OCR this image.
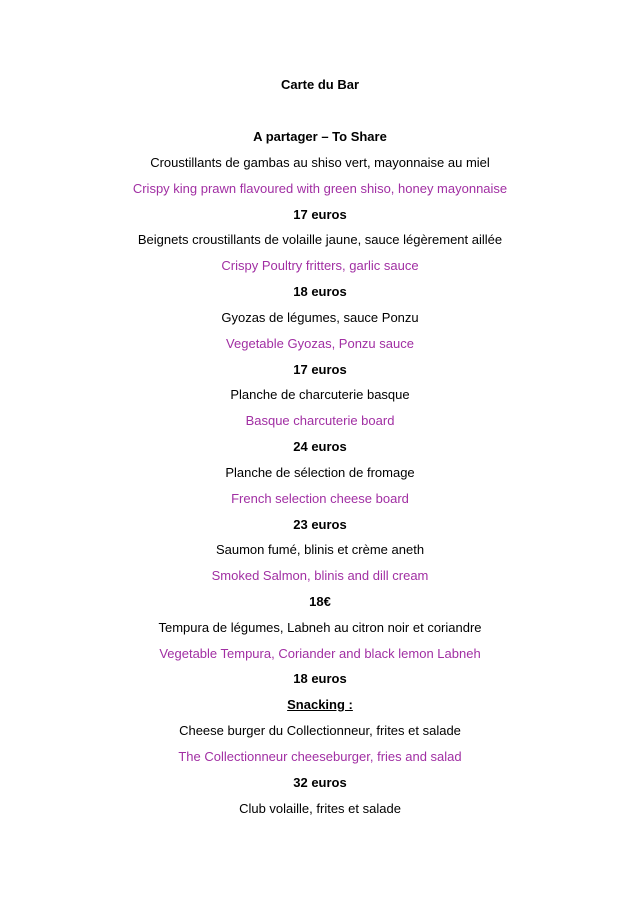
Carte du Bar
A partager – To Share
Croustillants de gambas au shiso vert, mayonnaise au miel
Crispy king prawn flavoured with green shiso, honey mayonnaise
17 euros
Beignets croustillants de volaille jaune, sauce légèrement aillée
Crispy Poultry fritters, garlic sauce
18 euros
Gyozas de légumes, sauce Ponzu
Vegetable Gyozas, Ponzu sauce
17 euros
Planche de charcuterie basque
Basque charcuterie board
24 euros
Planche de sélection de fromage
French selection cheese board
23 euros
Saumon fumé, blinis et crème aneth
Smoked Salmon, blinis and dill cream
18€
Tempura de légumes, Labneh au citron noir et coriandre
Vegetable Tempura, Coriander and black lemon Labneh
18 euros
Snacking :
Cheese burger du Collectionneur, frites et salade
The Collectionneur cheeseburger, fries and salad
32 euros
Club volaille, frites et salade
